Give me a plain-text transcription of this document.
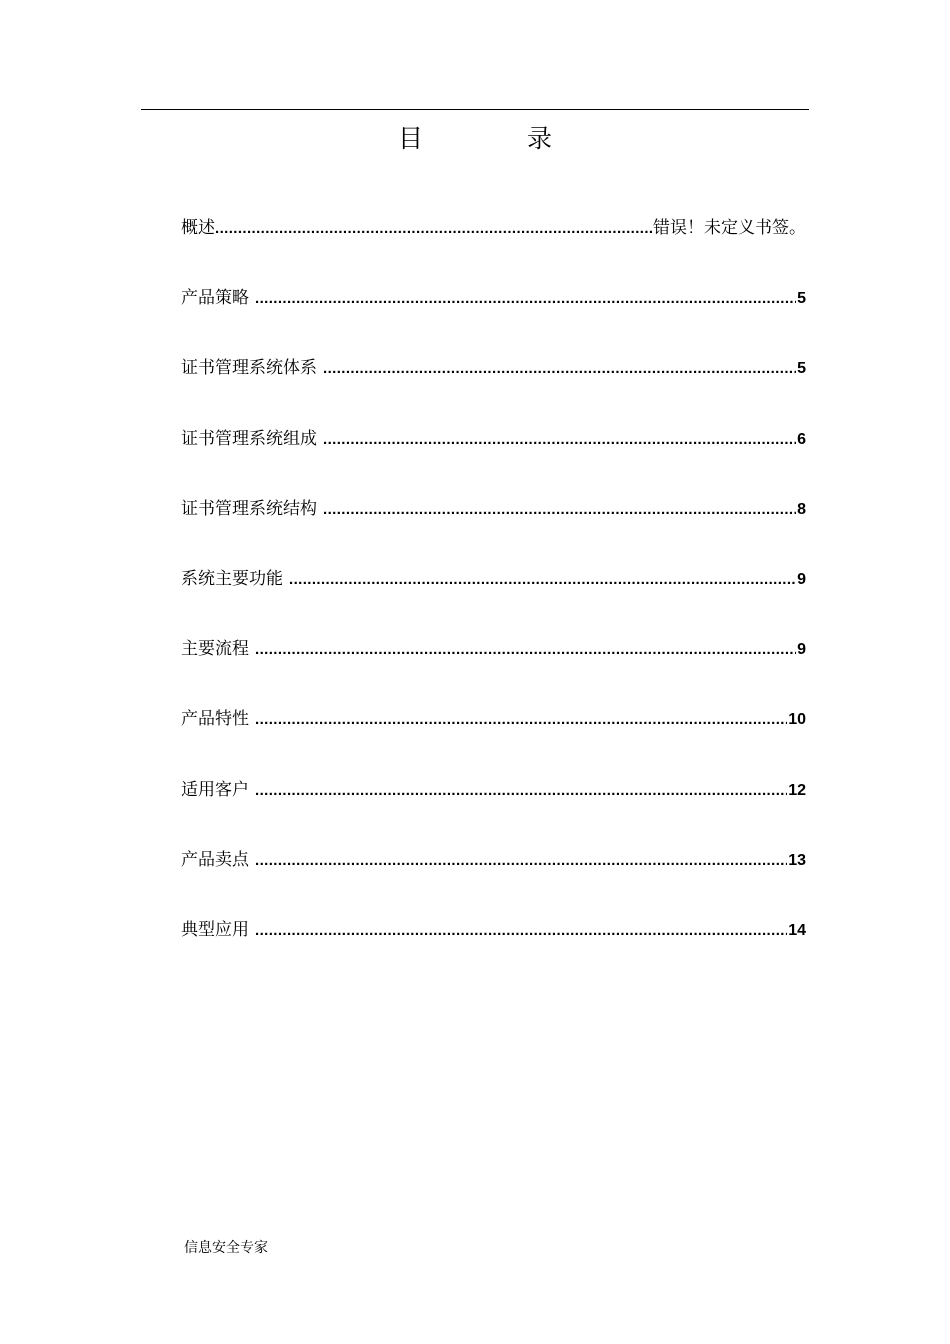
目 录
概述 .....	错误！未定义书签。
产品策略 .....	5
证书管理系统体系 .....	5
证书管理系统组成 .....	6
证书管理系统结构 .....	8
系统主要功能 .....	9
主要流程 .....	9
产品特性 .....	10
适用客户 .....	12
产品卖点 .....	13
典型应用 .....	14
信息安全专家
